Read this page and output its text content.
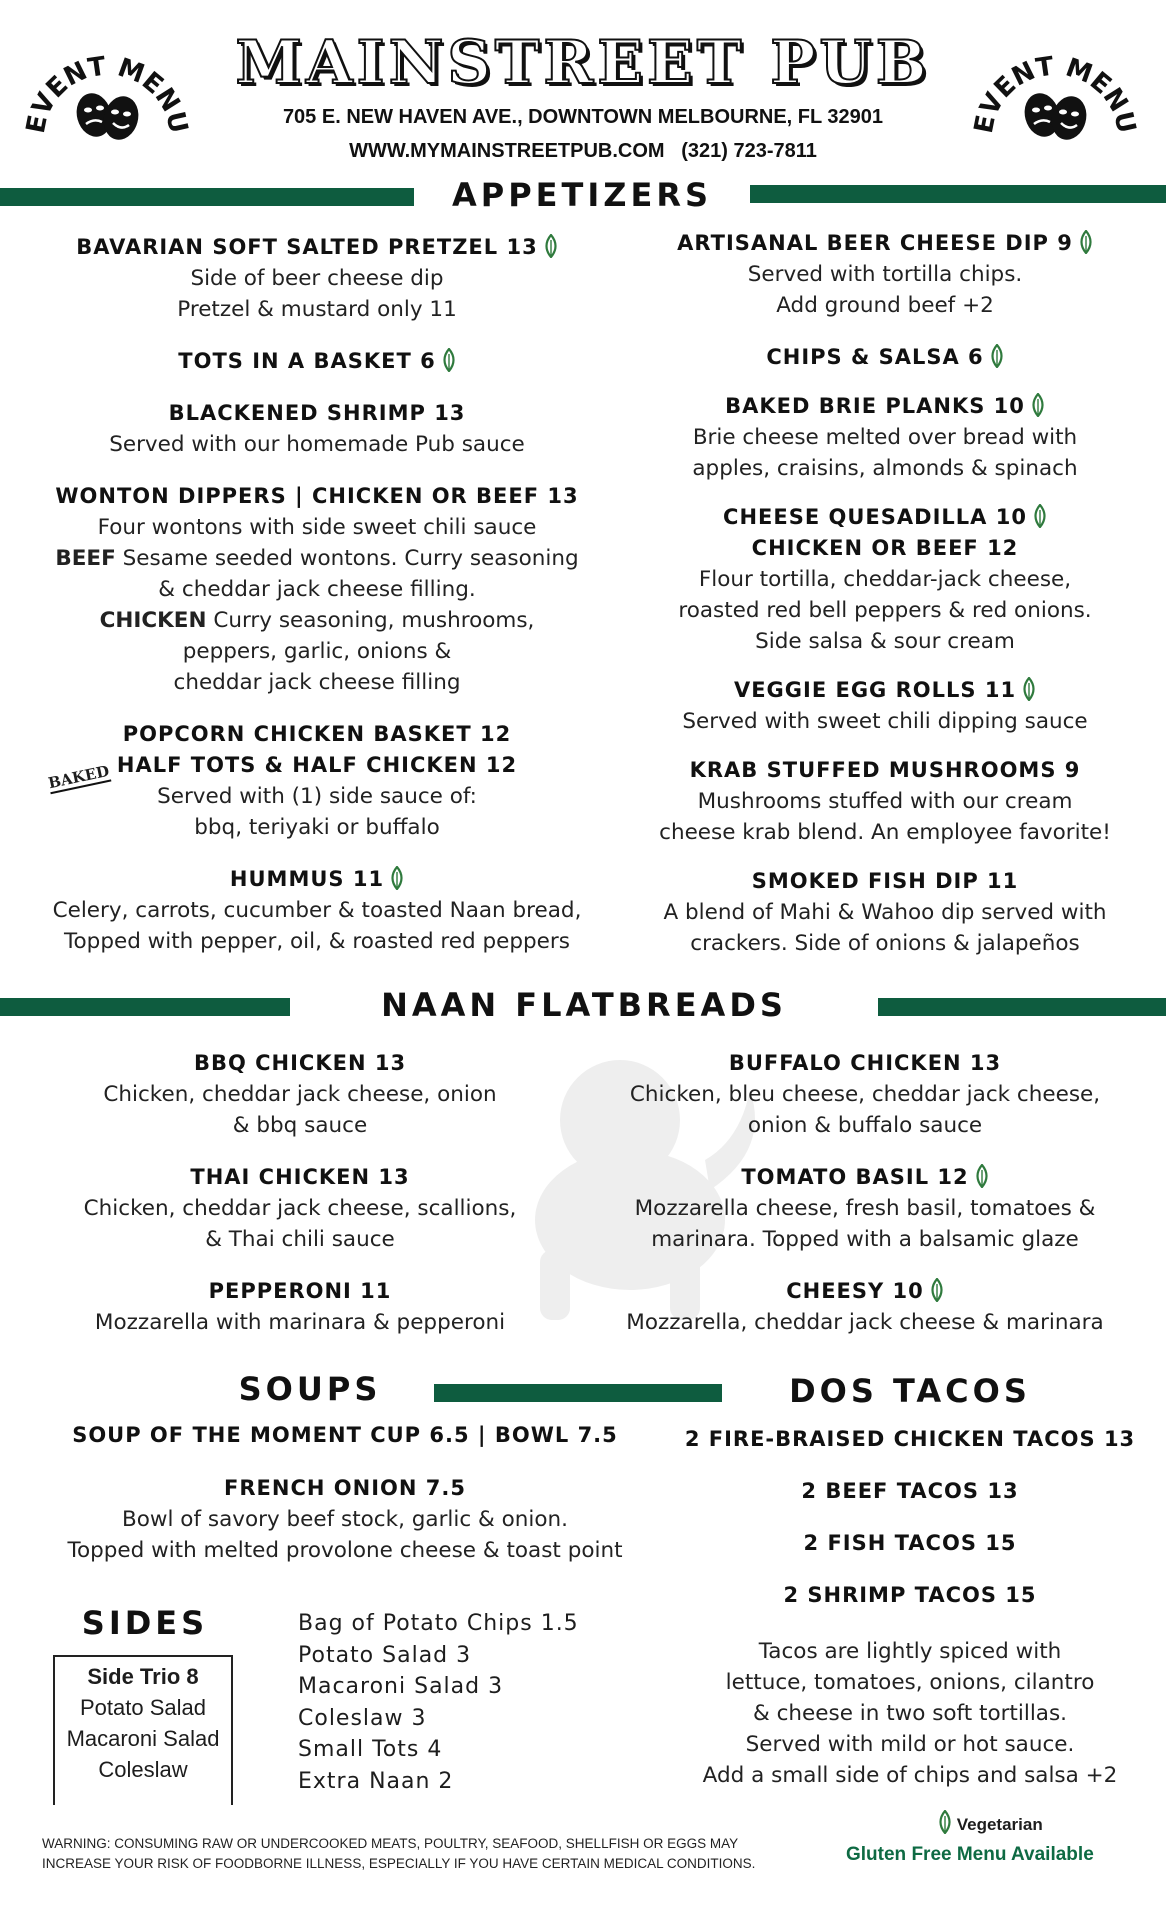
EVENT MENU	EVENT MENU
MAINSTREET PUB
705 E. NEW HAVEN AVE., DOWNTOWN MELBOURNE, FL 32901
WWW.MYMAINSTREETPUB.COM   (321) 723-7811
APPETIZERS
BAVARIAN SOFT SALTED PRETZEL 13
Side of beer cheese dip
Pretzel & mustard only 11
TOTS IN A BASKET 6
BLACKENED SHRIMP 13
Served with our homemade Pub sauce
WONTON DIPPERS | CHICKEN OR BEEF 13
Four wontons with side sweet chili sauce
BEEF Sesame seeded wontons. Curry seasoning
& cheddar jack cheese filling.
CHICKEN Curry seasoning, mushrooms,
peppers, garlic, onions &
cheddar jack cheese filling
POPCORN CHICKEN BASKET 12
HALF TOTS & HALF CHICKEN 12
Served with (1) side sauce of:
bbq, teriyaki or buffalo
HUMMUS 11
Celery, carrots, cucumber & toasted Naan bread,
Topped with pepper, oil, & roasted red peppers
ARTISANAL BEER CHEESE DIP 9
Served with tortilla chips.
Add ground beef +2
CHIPS & SALSA 6
BAKED BRIE PLANKS 10
Brie cheese melted over bread with
apples, craisins, almonds & spinach
CHEESE QUESADILLA 10
CHICKEN OR BEEF 12
Flour tortilla, cheddar-jack cheese,
roasted red bell peppers & red onions.
Side salsa & sour cream
VEGGIE EGG ROLLS 11
Served with sweet chili dipping sauce
KRAB STUFFED MUSHROOMS 9
Mushrooms stuffed with our cream
cheese krab blend. An employee favorite!
SMOKED FISH DIP 11
A blend of Mahi & Wahoo dip served with
crackers. Side of onions & jalapeños
BAKED
NAAN FLATBREADS
BBQ CHICKEN 13
Chicken, cheddar jack cheese, onion
& bbq sauce
THAI CHICKEN 13
Chicken, cheddar jack cheese, scallions,
& Thai chili sauce
PEPPERONI 11
Mozzarella with marinara & pepperoni
BUFFALO CHICKEN 13
Chicken, bleu cheese, cheddar jack cheese,
onion & buffalo sauce
TOMATO BASIL 12
Mozzarella cheese, fresh basil, tomatoes &
marinara. Topped with a balsamic glaze
CHEESY 10
Mozzarella, cheddar jack cheese & marinara
SOUPS	DOS TACOS
SOUP OF THE MOMENT CUP 6.5 | BOWL 7.5
FRENCH ONION 7.5
Bowl of savory beef stock, garlic & onion.
Topped with melted provolone cheese & toast point
2 FIRE-BRAISED CHICKEN TACOS 13
2 BEEF TACOS 13
2 FISH TACOS 15
2 SHRIMP TACOS 15
Tacos are lightly spiced with
lettuce, tomatoes, onions, cilantro
& cheese in two soft tortillas.
Served with mild or hot sauce.
Add a small side of chips and salsa +2
SIDES
Side Trio 8
Potato Salad
Macaroni Salad
Coleslaw
Bag of Potato Chips 1.5
Potato Salad 3
Macaroni Salad 3
Coleslaw 3
Small Tots 4
Extra Naan 2
WARNING: CONSUMING RAW OR UNDERCOOKED MEATS, POULTRY, SEAFOOD, SHELLFISH OR EGGS MAY
INCREASE YOUR RISK OF FOODBORNE ILLNESS, ESPECIALLY IF YOU HAVE CERTAIN MEDICAL CONDITIONS.
Vegetarian
Gluten Free Menu Available
